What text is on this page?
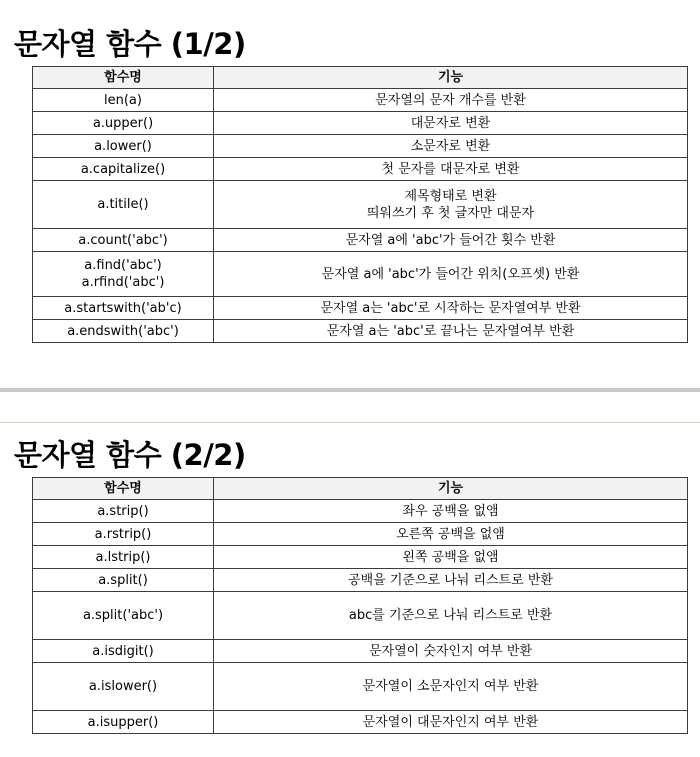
문자열 함수 (1/2)
함수명	기능
len(a)	문자열의 문자 개수를 반환
a.upper()	대문자로 변환
a.lower()	소문자로 변환
a.capitalize()	첫 문자를 대문자로 변환
a.titile()	제목형태로 변환
띄워쓰기 후 첫 글자만 대문자
a.count('abc')	문자열 a에 'abc'가 들어간 횟수 반환
a.find('abc')
a.rfind('abc')	문자열 a에 'abc'가 들어간 위치(오프셋) 반환
a.startswith('ab'c)	문자열 a는 'abc'로 시작하는 문자열여부 반환
a.endswith('abc')	문자열 a는 'abc'로 끝나는 문자열여부 반환
문자열 함수 (2/2)
함수명	기능
a.strip()	좌우 공백을 없앰
a.rstrip()	오른쪽 공백을 없앰
a.lstrip()	왼쪽 공백을 없앰
a.split()	공백을 기준으로 나눠 리스트로 반환
a.split('abc')	abc를 기준으로 나눠 리스트로 반환
a.isdigit()	문자열이 숫자인지 여부 반환
a.islower()	문자열이 소문자인지 여부 반환
a.isupper()	문자열이 대문자인지 여부 반환
